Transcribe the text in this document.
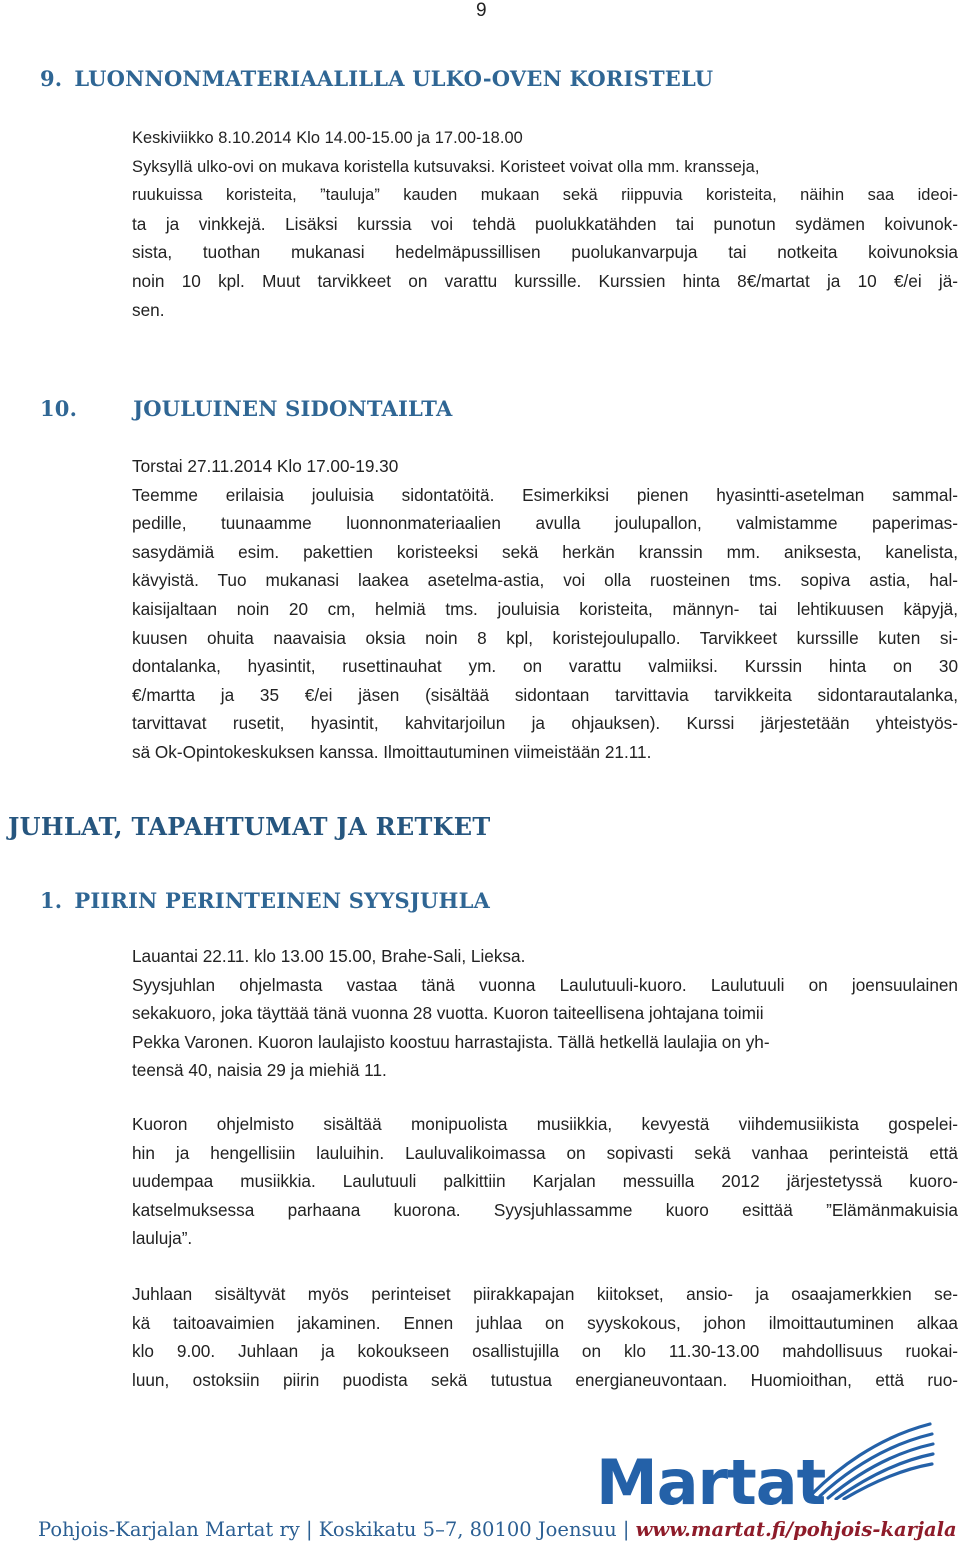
9
9. LUONNONMATERIAALILLA ULKO-OVEN KORISTELU
Keskiviikko 8.10.2014 Klo 14.00-15.00 ja 17.00-18.00
Syksyllä ulko-ovi on mukava koristella kutsuvaksi. Koristeet voivat olla mm. kransseja,
ruukuissa koristeita, ”tauluja” kauden mukaan sekä riippuvia koristeita, näihin saa ideoi-
ta ja vinkkejä. Lisäksi kurssia voi tehdä puolukkatähden tai punotun sydämen koivunok-
sista, tuothan mukanasi hedelmäpussillisen puolukanvarpuja tai notkeita koivunoksia
noin 10 kpl. Muut tarvikkeet on varattu kurssille. Kurssien hinta 8€/martat ja 10 €/ei jä-
sen.
10.	JOULUINEN SIDONTAILTA
Torstai 27.11.2014 Klo 17.00-19.30
Teemme erilaisia jouluisia sidontatöitä. Esimerkiksi pienen hyasintti-asetelman sammal-
pedille, tuunaamme luonnonmateriaalien avulla joulupallon, valmistamme paperimas-
sasydämiä esim. pakettien koristeeksi sekä herkän kranssin mm. aniksesta, kanelista,
kävyistä. Tuo mukanasi laakea asetelma-astia, voi olla ruosteinen tms. sopiva astia, hal-
kaisijaltaan noin 20 cm, helmiä tms. jouluisia koristeita, männyn- tai lehtikuusen käpyjä,
kuusen ohuita naavaisia oksia noin 8 kpl, koristejoulupallo. Tarvikkeet kurssille kuten si-
dontalanka, hyasintit, rusettinauhat ym. on varattu valmiiksi. Kurssin hinta on 30
€/martta ja 35 €/ei jäsen (sisältää sidontaan tarvittavia tarvikkeita sidontarautalanka,
tarvittavat rusetit, hyasintit, kahvitarjoilun ja ohjauksen). Kurssi järjestetään yhteistyös-
sä Ok-Opintokeskuksen kanssa. Ilmoittautuminen viimeistään 21.11.
JUHLAT, TAPAHTUMAT JA RETKET
1. PIIRIN PERINTEINEN SYYSJUHLA
Lauantai 22.11. klo 13.00 15.00, Brahe-Sali, Lieksa.
Syysjuhlan ohjelmasta vastaa tänä vuonna Laulutuuli-kuoro. Laulutuuli on joensuulainen
sekakuoro, joka täyttää tänä vuonna 28 vuotta. Kuoron taiteellisena johtajana toimii
Pekka Varonen. Kuoron laulajisto koostuu harrastajista. Tällä hetkellä laulajia on yh-
teensä 40, naisia 29 ja miehiä 11.
Kuoron ohjelmisto sisältää monipuolista musiikkia, kevyestä viihdemusiikista gospelei-
hin ja hengellisiin lauluihin. Lauluvalikoimassa on sopivasti sekä vanhaa perinteistä että
uudempaa musiikkia. Laulutuuli palkittiin Karjalan messuilla 2012 järjestetyssä kuoro-
katselmuksessa parhaana kuorona. Syysjuhlassamme kuoro esittää ”Elämänmakuisia
lauluja”.
Juhlaan sisältyvät myös perinteiset piirakkapajan kiitokset, ansio- ja osaajamerkkien se-
kä taitoavaimien jakaminen. Ennen juhlaa on syyskokous, johon ilmoittautuminen alkaa
klo 9.00. Juhlaan ja kokoukseen osallistujilla on klo 11.30-13.00 mahdollisuus ruokai-
luun, ostoksiin piirin puodista sekä tutustua energianeuvontaan. Huomioithan, että ruo-
Martat
Pohjois-Karjalan Martat ry | Koskikatu 5–7, 80100 Joensuu | www.martat.fi/pohjois-karjala
